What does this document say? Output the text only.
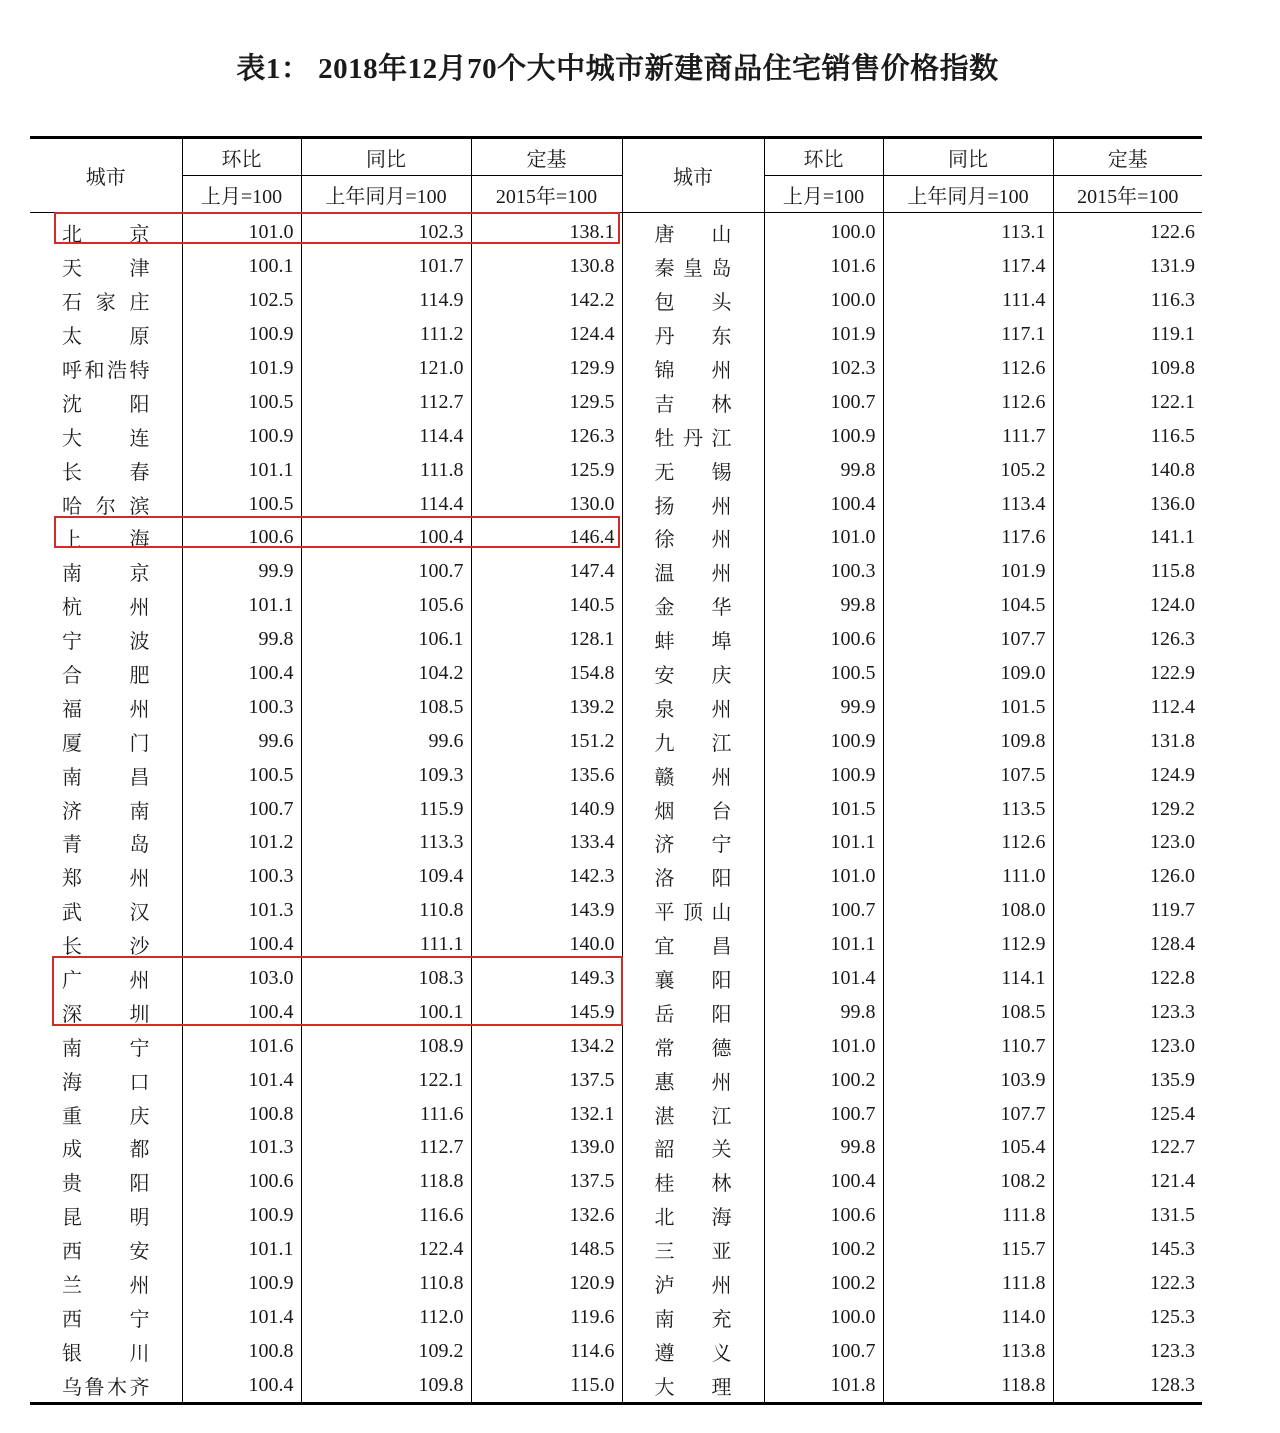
表1： 2018年12月70个大中城市新建商品住宅销售价格指数
城市	环比	同比	定基	城市	环比	同比	定基
	上月=100	上年同月=100	2015年=100		上月=100	上年同月=100	2015年=100
北京	101.0	102.3	138.1	唐山	100.0	113.1	122.6
天津	100.1	101.7	130.8	秦皇岛	101.6	117.4	131.9
石家庄	102.5	114.9	142.2	包头	100.0	111.4	116.3
太原	100.9	111.2	124.4	丹东	101.9	117.1	119.1
呼和浩特	101.9	121.0	129.9	锦州	102.3	112.6	109.8
沈阳	100.5	112.7	129.5	吉林	100.7	112.6	122.1
大连	100.9	114.4	126.3	牡丹江	100.9	111.7	116.5
长春	101.1	111.8	125.9	无锡	99.8	105.2	140.8
哈尔滨	100.5	114.4	130.0	扬州	100.4	113.4	136.0
上海	100.6	100.4	146.4	徐州	101.0	117.6	141.1
南京	99.9	100.7	147.4	温州	100.3	101.9	115.8
杭州	101.1	105.6	140.5	金华	99.8	104.5	124.0
宁波	99.8	106.1	128.1	蚌埠	100.6	107.7	126.3
合肥	100.4	104.2	154.8	安庆	100.5	109.0	122.9
福州	100.3	108.5	139.2	泉州	99.9	101.5	112.4
厦门	99.6	99.6	151.2	九江	100.9	109.8	131.8
南昌	100.5	109.3	135.6	赣州	100.9	107.5	124.9
济南	100.7	115.9	140.9	烟台	101.5	113.5	129.2
青岛	101.2	113.3	133.4	济宁	101.1	112.6	123.0
郑州	100.3	109.4	142.3	洛阳	101.0	111.0	126.0
武汉	101.3	110.8	143.9	平顶山	100.7	108.0	119.7
长沙	100.4	111.1	140.0	宜昌	101.1	112.9	128.4
广州	103.0	108.3	149.3	襄阳	101.4	114.1	122.8
深圳	100.4	100.1	145.9	岳阳	99.8	108.5	123.3
南宁	101.6	108.9	134.2	常德	101.0	110.7	123.0
海口	101.4	122.1	137.5	惠州	100.2	103.9	135.9
重庆	100.8	111.6	132.1	湛江	100.7	107.7	125.4
成都	101.3	112.7	139.0	韶关	99.8	105.4	122.7
贵阳	100.6	118.8	137.5	桂林	100.4	108.2	121.4
昆明	100.9	116.6	132.6	北海	100.6	111.8	131.5
西安	101.1	122.4	148.5	三亚	100.2	115.7	145.3
兰州	100.9	110.8	120.9	泸州	100.2	111.8	122.3
西宁	101.4	112.0	119.6	南充	100.0	114.0	125.3
银川	100.8	109.2	114.6	遵义	100.7	113.8	123.3
乌鲁木齐	100.4	109.8	115.0	大理	101.8	118.8	128.3
